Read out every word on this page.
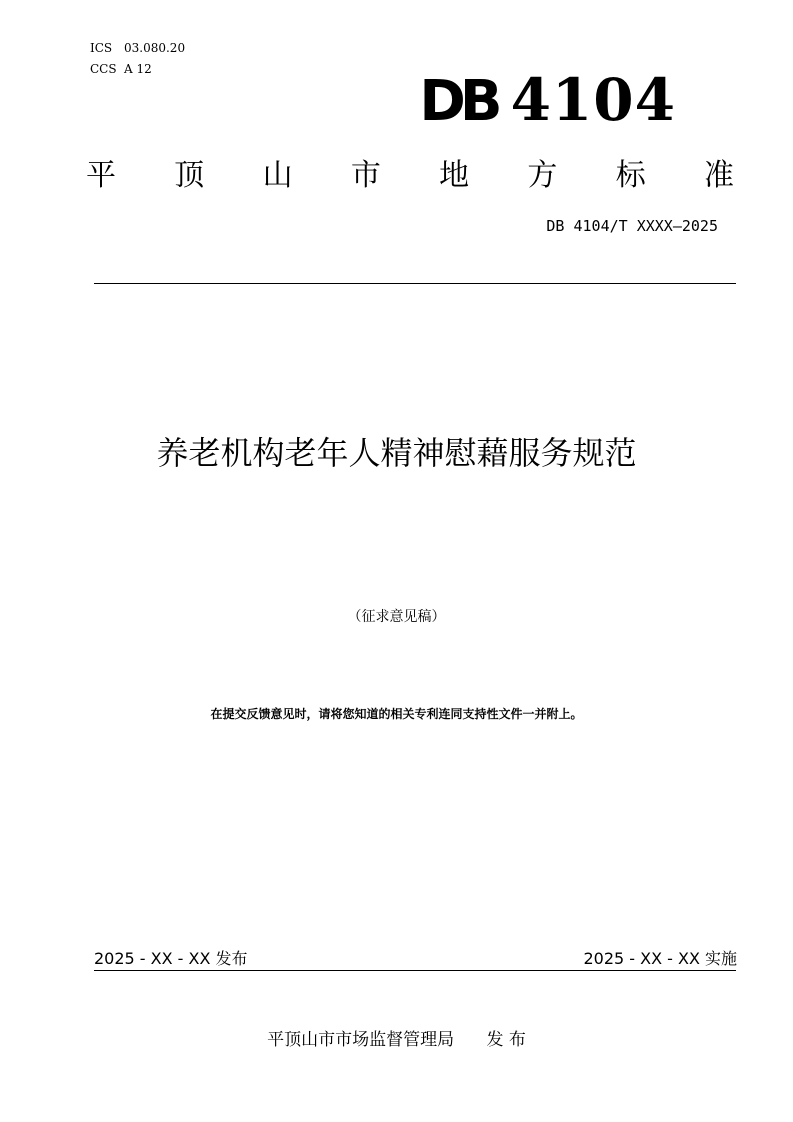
ICS 03.080.20
CCS A 12	DB 4104
平 顶 山 市 地 方 标 准
DB 4104/T XXXX—2025
养老机构老年人精神慰藉服务规范
（征求意见稿）
在提交反馈意见时，请将您知道的相关专利连同支持性文件一并附上。
2025 - XX - XX 发布	2025 - XX - XX 实施
平顶山市市场监督管理局 发 布
